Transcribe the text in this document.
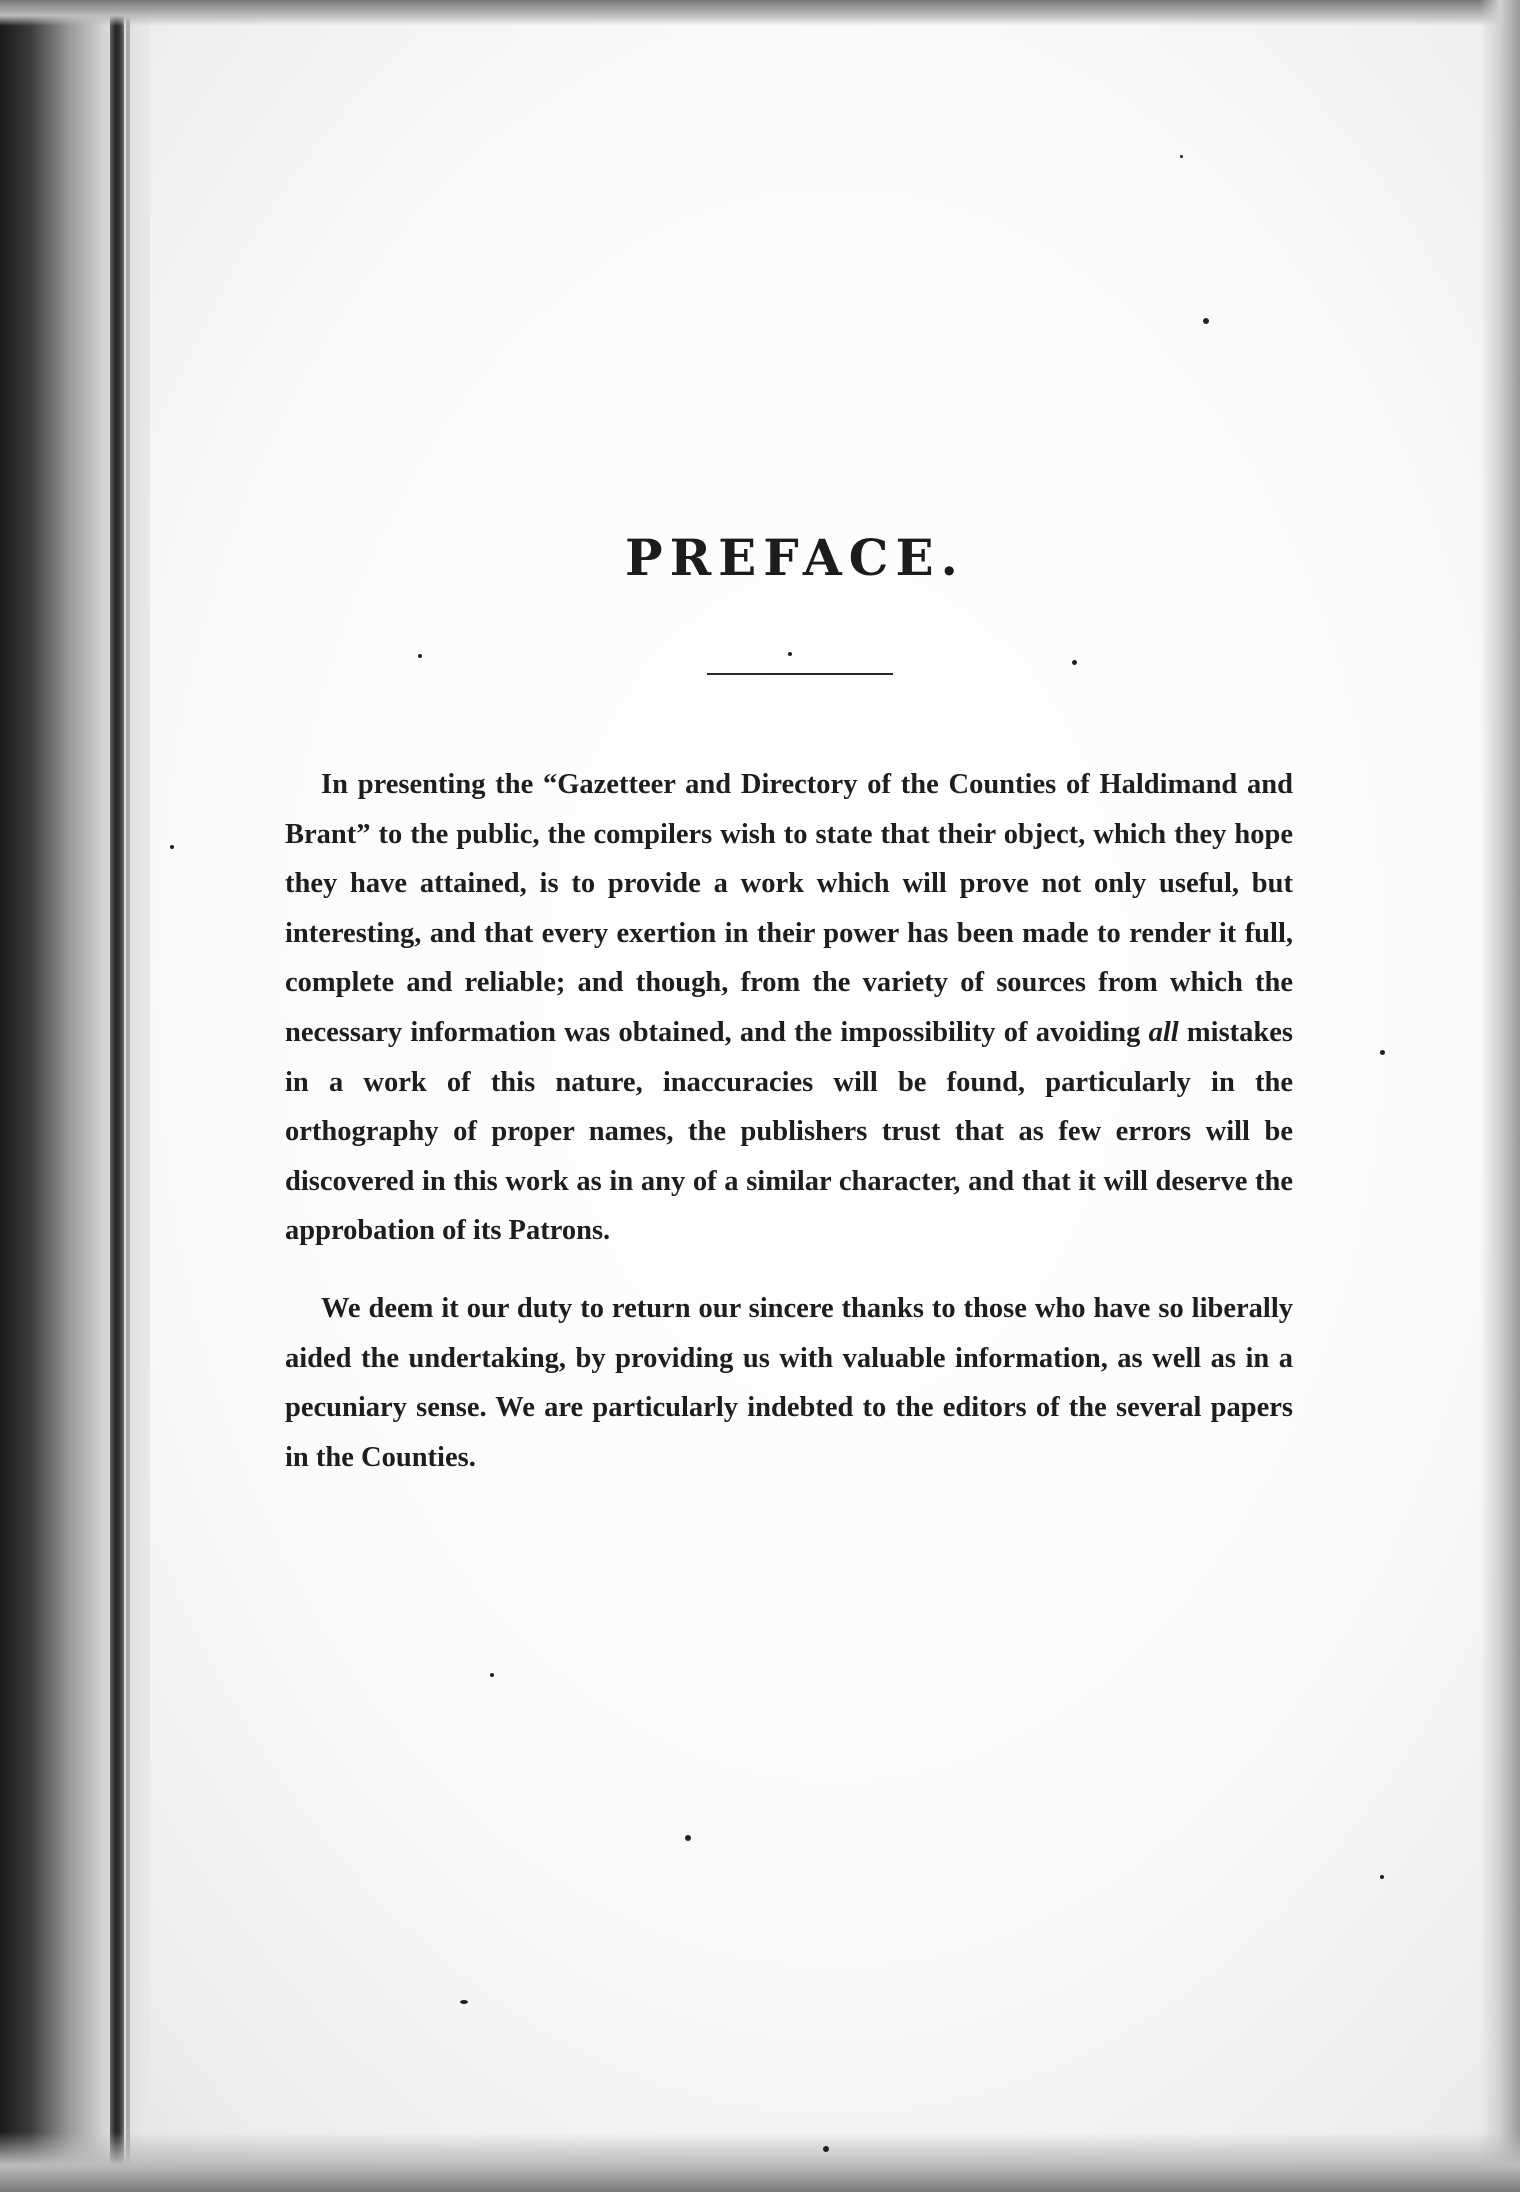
PREFACE.

In presenting the “Gazetteer and Directory of the Counties of Haldimand and Brant” to the public, the compilers wish to state that their object, which they hope they have attained, is to provide a work which will prove not only useful, but interesting, and that every exertion in their power has been made to render it full, complete and reliable; and though, from the variety of sources from which the necessary information was obtained, and the impossibility of avoiding all mistakes in a work of this nature, inaccuracies will be found, particularly in the orthography of proper names, the publishers trust that as few errors will be discovered in this work as in any of a similar character, and that it will deserve the approbation of its Patrons.

We deem it our duty to return our sincere thanks to those who have so liberally aided the undertaking, by providing us with valuable information, as well as in a pecuniary sense. We are particularly indebted to the editors of the several papers in the Counties.
